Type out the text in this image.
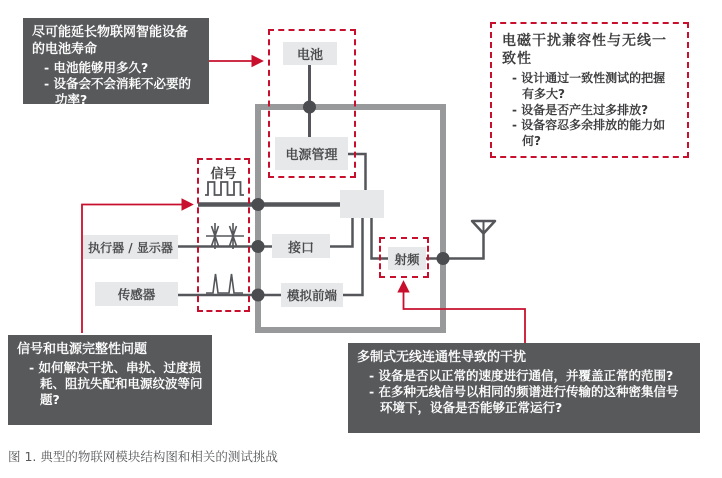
电池
电源管理
接口
模拟前端
射频
执行器 / 显示器
传感器
信号
尽可能延长物联网智能设备的电池寿命
- 电池能够用多久?
- 设备会不会消耗不必要的功率?
信号和电源完整性问题
- 如何解决干扰、串扰、过度损耗、阻抗失配和电源纹波等问题?
多制式无线连通性导致的干扰
- 设备是否以正常的速度进行通信，并覆盖正常的范围?
- 在多种无线信号以相同的频谱进行传输的这种密集信号环境下，设备是否能够正常运行?
电磁干扰兼容性与无线一致性
- 设计通过一致性测试的把握有多大?
- 设备是否产生过多排放?
- 设备容忍多余排放的能力如何?
图 1. 典型的物联网模块结构图和相关的测试挑战
